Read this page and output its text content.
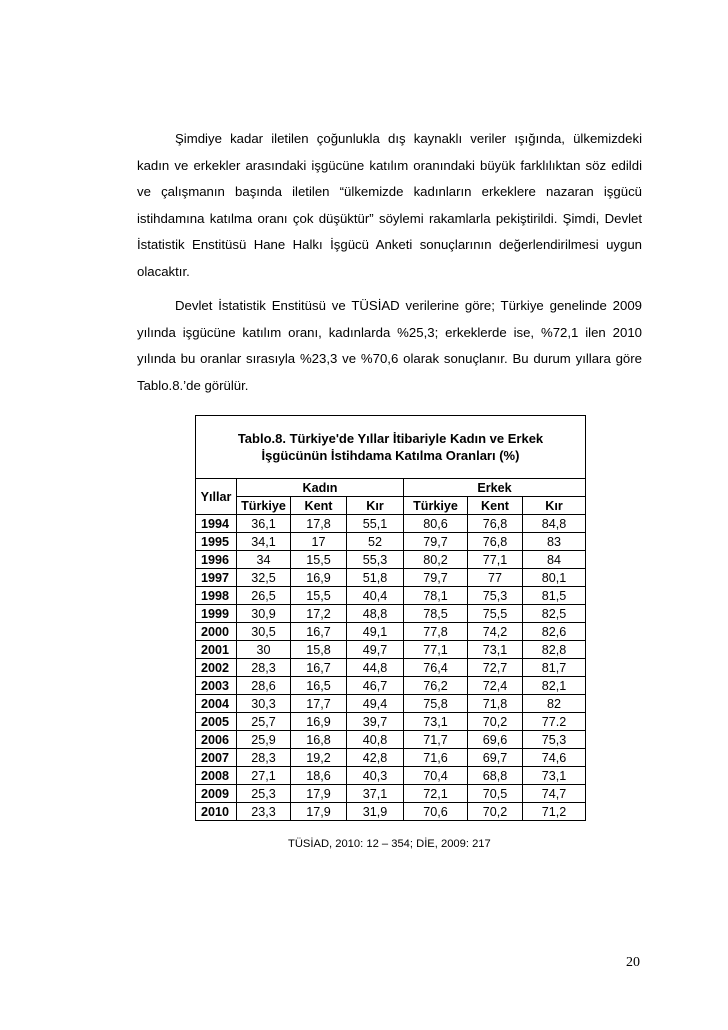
Şimdiye kadar iletilen çoğunlukla dış kaynaklı veriler ışığında, ülkemizdeki
kadın ve erkekler arasındaki işgücüne katılım oranındaki büyük farklılıktan söz edildi
ve çalışmanın başında iletilen “ülkemizde kadınların erkeklere nazaran işgücü
istihdamına katılma oranı çok düşüktür” söylemi rakamlarla pekiştirildi. Şimdi, Devlet
İstatistik Enstitüsü Hane Halkı İşgücü Anketi sonuçlarının değerlendirilmesi uygun
olacaktır.
Devlet İstatistik Enstitüsü ve TÜSİAD verilerine göre; Türkiye genelinde 2009
yılında işgücüne katılım oranı, kadınlarda %25,3; erkeklerde ise, %72,1 ilen 2010
yılında bu oranlar sırasıyla %23,3 ve %70,6 olarak sonuçlanır. Bu durum yıllara göre
Tablo.8.’de görülür.
Tablo.8. Türkiye'de Yıllar İtibariyle Kadın ve Erkek
İşgücünün İstihdama Katılma Oranları (%)						

Yıllar	Kadın			Erkek		
	Türkiye	Kent	Kır	Türkiye	Kent	Kır
1994	36,1	17,8	55,1	80,6	76,8	84,8
1995	34,1	17	52	79,7	76,8	83
1996	34	15,5	55,3	80,2	77,1	84
1997	32,5	16,9	51,8	79,7	77	80,1
1998	26,5	15,5	40,4	78,1	75,3	81,5
1999	30,9	17,2	48,8	78,5	75,5	82,5
2000	30,5	16,7	49,1	77,8	74,2	82,6
2001	30	15,8	49,7	77,1	73,1	82,8
2002	28,3	16,7	44,8	76,4	72,7	81,7
2003	28,6	16,5	46,7	76,2	72,4	82,1
2004	30,3	17,7	49,4	75,8	71,8	82
2005	25,7	16,9	39,7	73,1	70,2	77.2
2006	25,9	16,8	40,8	71,7	69,6	75,3
2007	28,3	19,2	42,8	71,6	69,7	74,6
2008	27,1	18,6	40,3	70,4	68,8	73,1
2009	25,3	17,9	37,1	72,1	70,5	74,7
2010	23,3	17,9	31,9	70,6	70,2	71,2
TÜSİAD, 2010: 12 – 354; DİE, 2009: 217
20
